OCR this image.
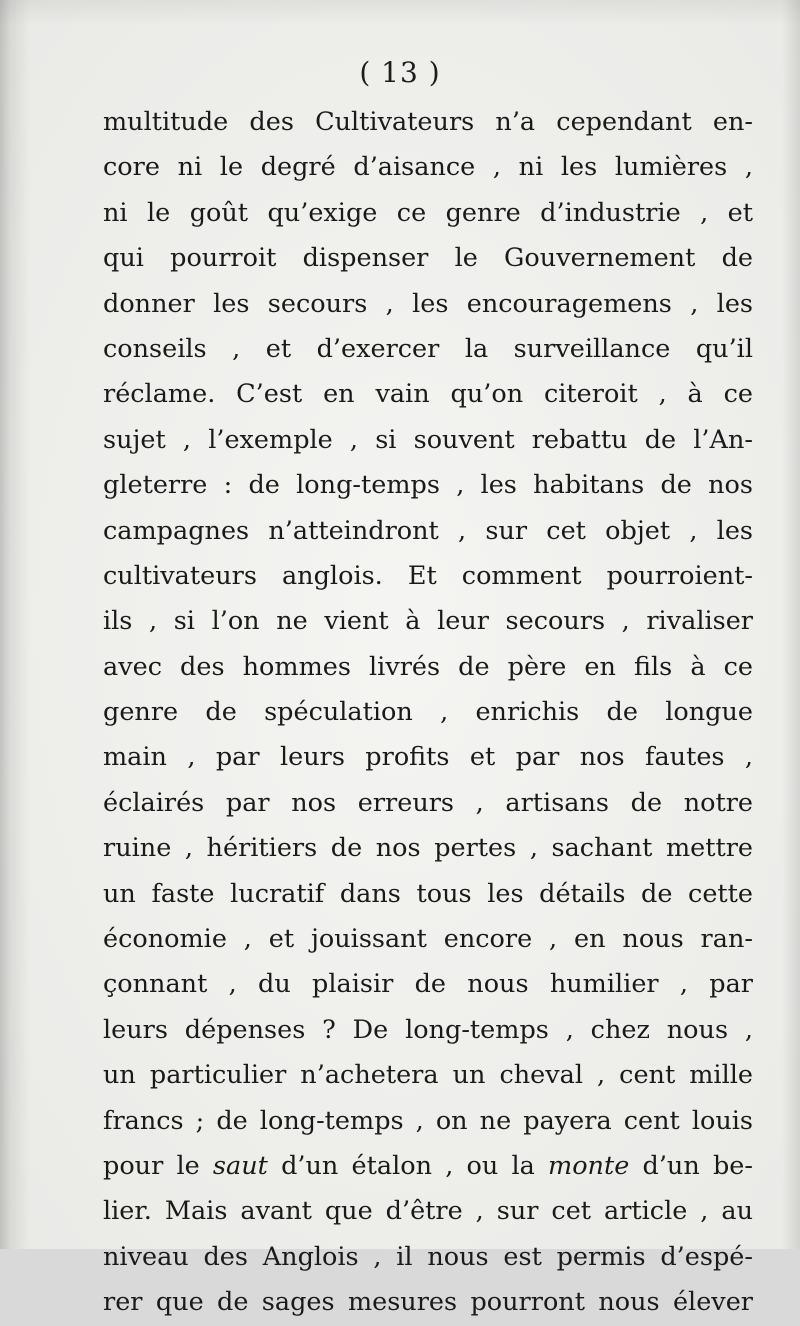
( 13 )
multitude des Cultivateurs n’a cependant en-
core ni le degré d’aisance , ni les lumières ,
ni le goût qu’exige ce genre d’industrie , et
qui pourroit dispenser le Gouvernement de
donner les secours , les encouragemens , les
conseils , et d’exercer la surveillance qu’il
réclame. C’est en vain qu’on citeroit , à ce
sujet , l’exemple , si souvent rebattu de l’An-
gleterre : de long-temps , les habitans de nos
campagnes n’atteindront , sur cet objet , les
cultivateurs anglois. Et comment pourroient-
ils , si l’on ne vient à leur secours , rivaliser
avec des hommes livrés de père en fils à ce
genre de spéculation , enrichis de longue
main , par leurs profits et par nos fautes ,
éclairés par nos erreurs , artisans de notre
ruine , héritiers de nos pertes , sachant mettre
un faste lucratif dans tous les détails de cette
économie , et jouissant encore , en nous ran-
çonnant , du plaisir de nous humilier , par
leurs dépenses ? De long-temps , chez nous ,
un particulier n’achetera un cheval , cent mille
francs ; de long-temps , on ne payera cent louis
pour le saut d’un étalon , ou la monte d’un be-
lier. Mais avant que d’être , sur cet article , au
niveau des Anglois , il nous est permis d’espé-
rer que de sages mesures pourront nous élever
